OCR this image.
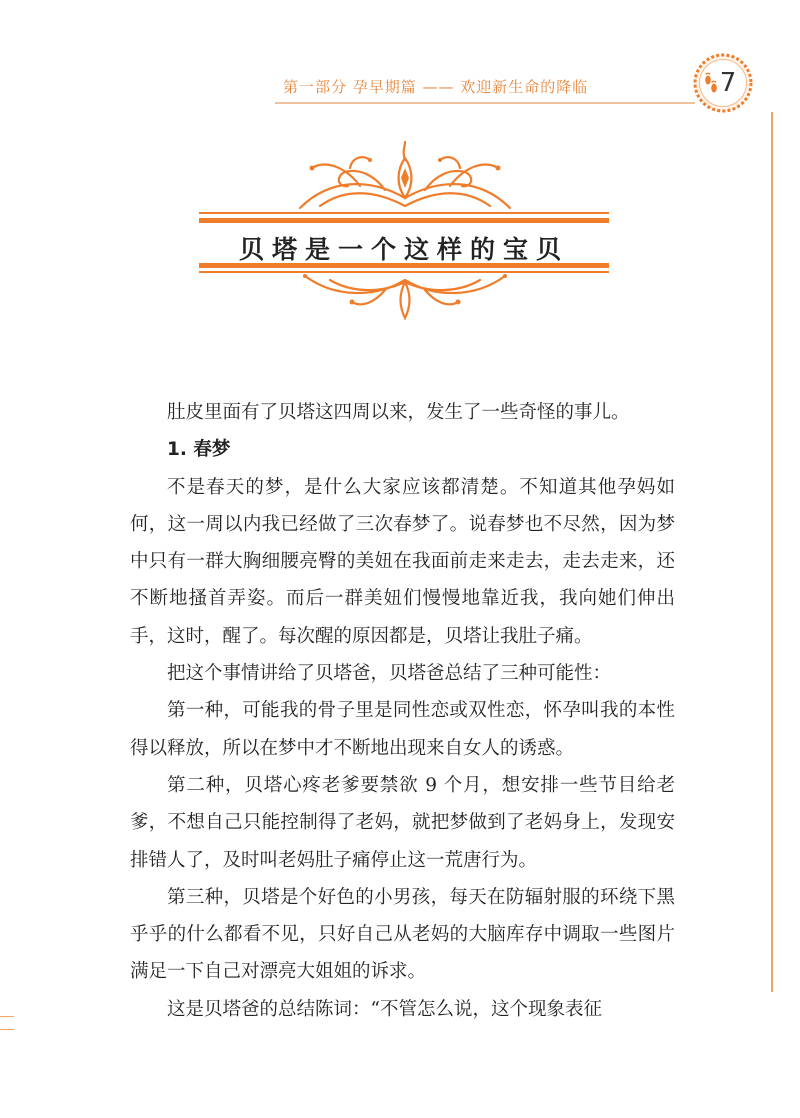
第一部分 孕早期篇 —— 欢迎新生命的降临	7
贝塔是一个这样的宝贝

肚皮里面有了贝塔这四周以来，发生了一些奇怪的事儿。

1. 春梦

不是春天的梦，是什么大家应该都清楚。不知道其他孕妈如何，这一周以内我已经做了三次春梦了。说春梦也不尽然，因为梦中只有一群大胸细腰亮臀的美妞在我面前走来走去，走去走来，还不断地搔首弄姿。而后一群美妞们慢慢地靠近我，我向她们伸出手，这时，醒了。每次醒的原因都是，贝塔让我肚子痛。

把这个事情讲给了贝塔爸，贝塔爸总结了三种可能性：

第一种，可能我的骨子里是同性恋或双性恋，怀孕叫我的本性得以释放，所以在梦中才不断地出现来自女人的诱惑。

第二种，贝塔心疼老爹要禁欲 9 个月，想安排一些节目给老爹，不想自己只能控制得了老妈，就把梦做到了老妈身上，发现安排错人了，及时叫老妈肚子痛停止这一荒唐行为。

第三种，贝塔是个好色的小男孩，每天在防辐射服的环绕下黑乎乎的什么都看不见，只好自己从老妈的大脑库存中调取一些图片满足一下自己对漂亮大姐姐的诉求。

这是贝塔爸的总结陈词：“不管怎么说，这个现象表征
